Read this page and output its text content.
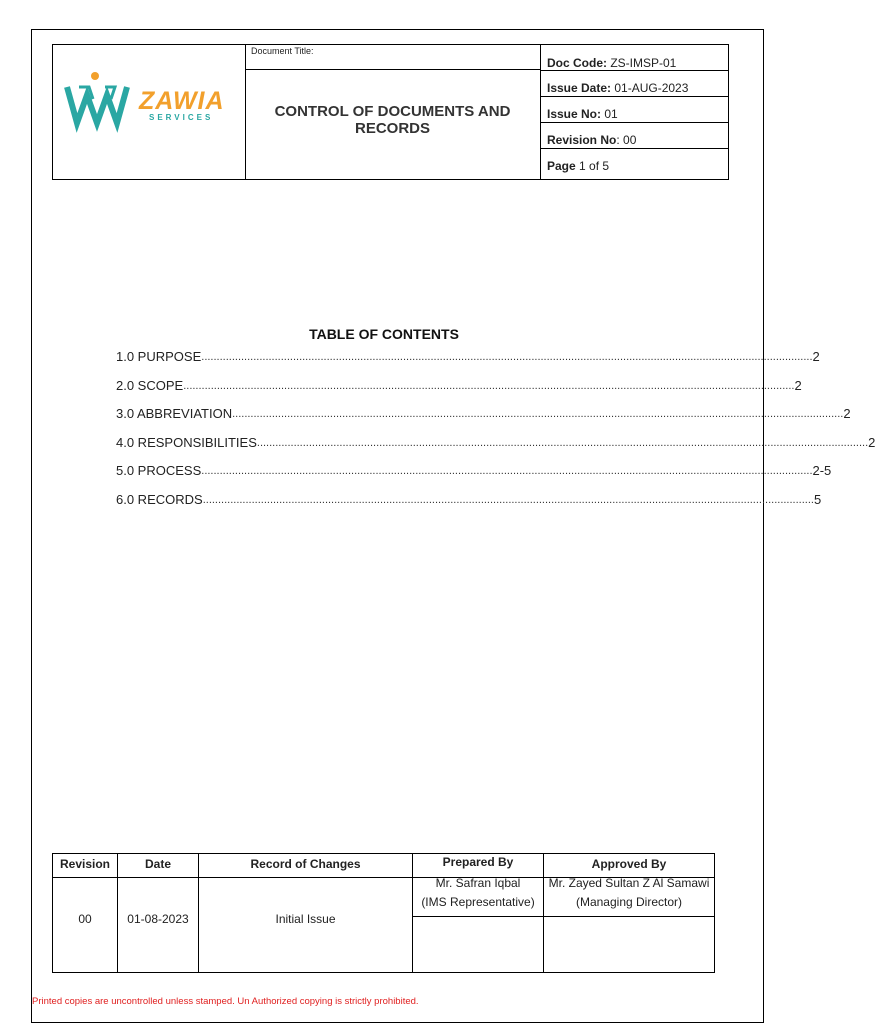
ZAWIA
SERVICES
Document Title:
CONTROL OF DOCUMENTS AND RECORDS
Doc Code: ZS-IMSP-01
Issue Date: 01-AUG-2023
Issue No: 01
Revision No: 00
Page 1 of 5
TABLE OF CONTENTS
1.0 PURPOSE ........................................................................................................................................................................................................ 2
2.0 SCOPE ........................................................................................................................................................................................................ 2
3.0 ABBREVIATION ........................................................................................................................................................................................................ 2
4.0 RESPONSIBILITIES ........................................................................................................................................................................................................ 2
5.0 PROCESS ........................................................................................................................................................................................................ 2-5
6.0 RECORDS ........................................................................................................................................................................................................ 5
Revision
00
Date
01-08-2023
Record of Changes
Initial Issue
Prepared By
Mr. Safran Iqbal
(IMS Representative)
Approved By
Mr. Zayed Sultan Z Al Samawi
(Managing Director)
Printed copies are uncontrolled unless stamped. Un Authorized copying is strictly prohibited.
